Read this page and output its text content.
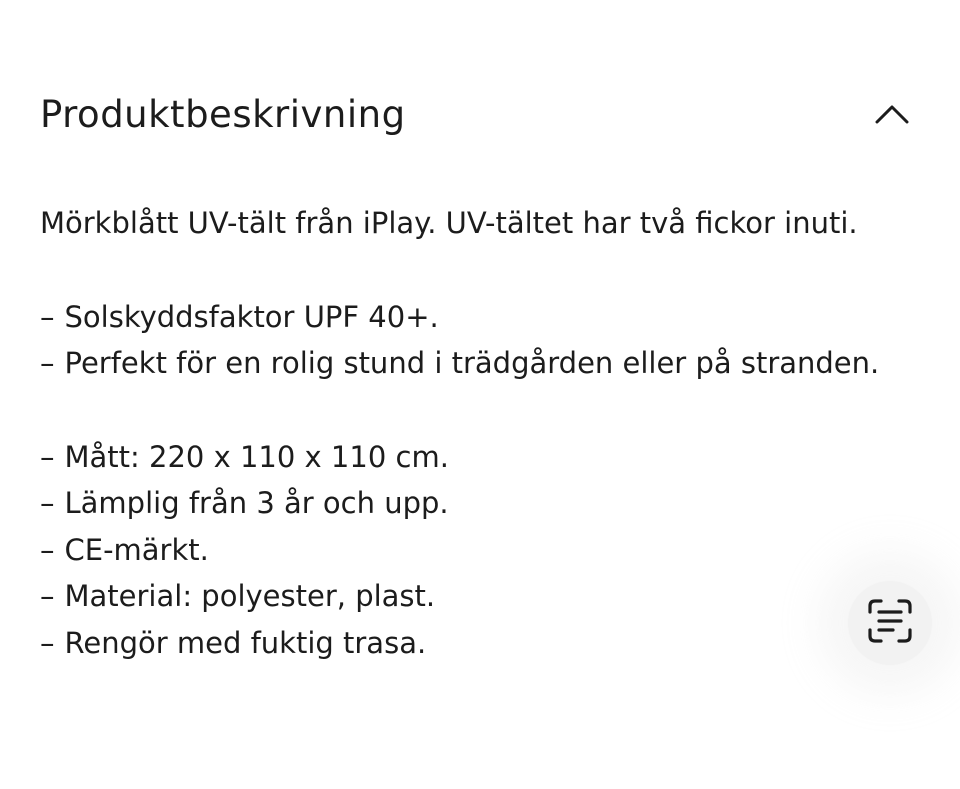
Produktbeskrivning

Mörkblått UV-tält från iPlay. UV-tältet har två fickor inuti.

– Solskyddsfaktor UPF 40+.
– Perfekt för en rolig stund i trädgården eller på stranden.
– Mått: 220 x 110 x 110 cm.
– Lämplig från 3 år och upp.
– CE-märkt.
– Material: polyester, plast.
– Rengör med fuktig trasa.
